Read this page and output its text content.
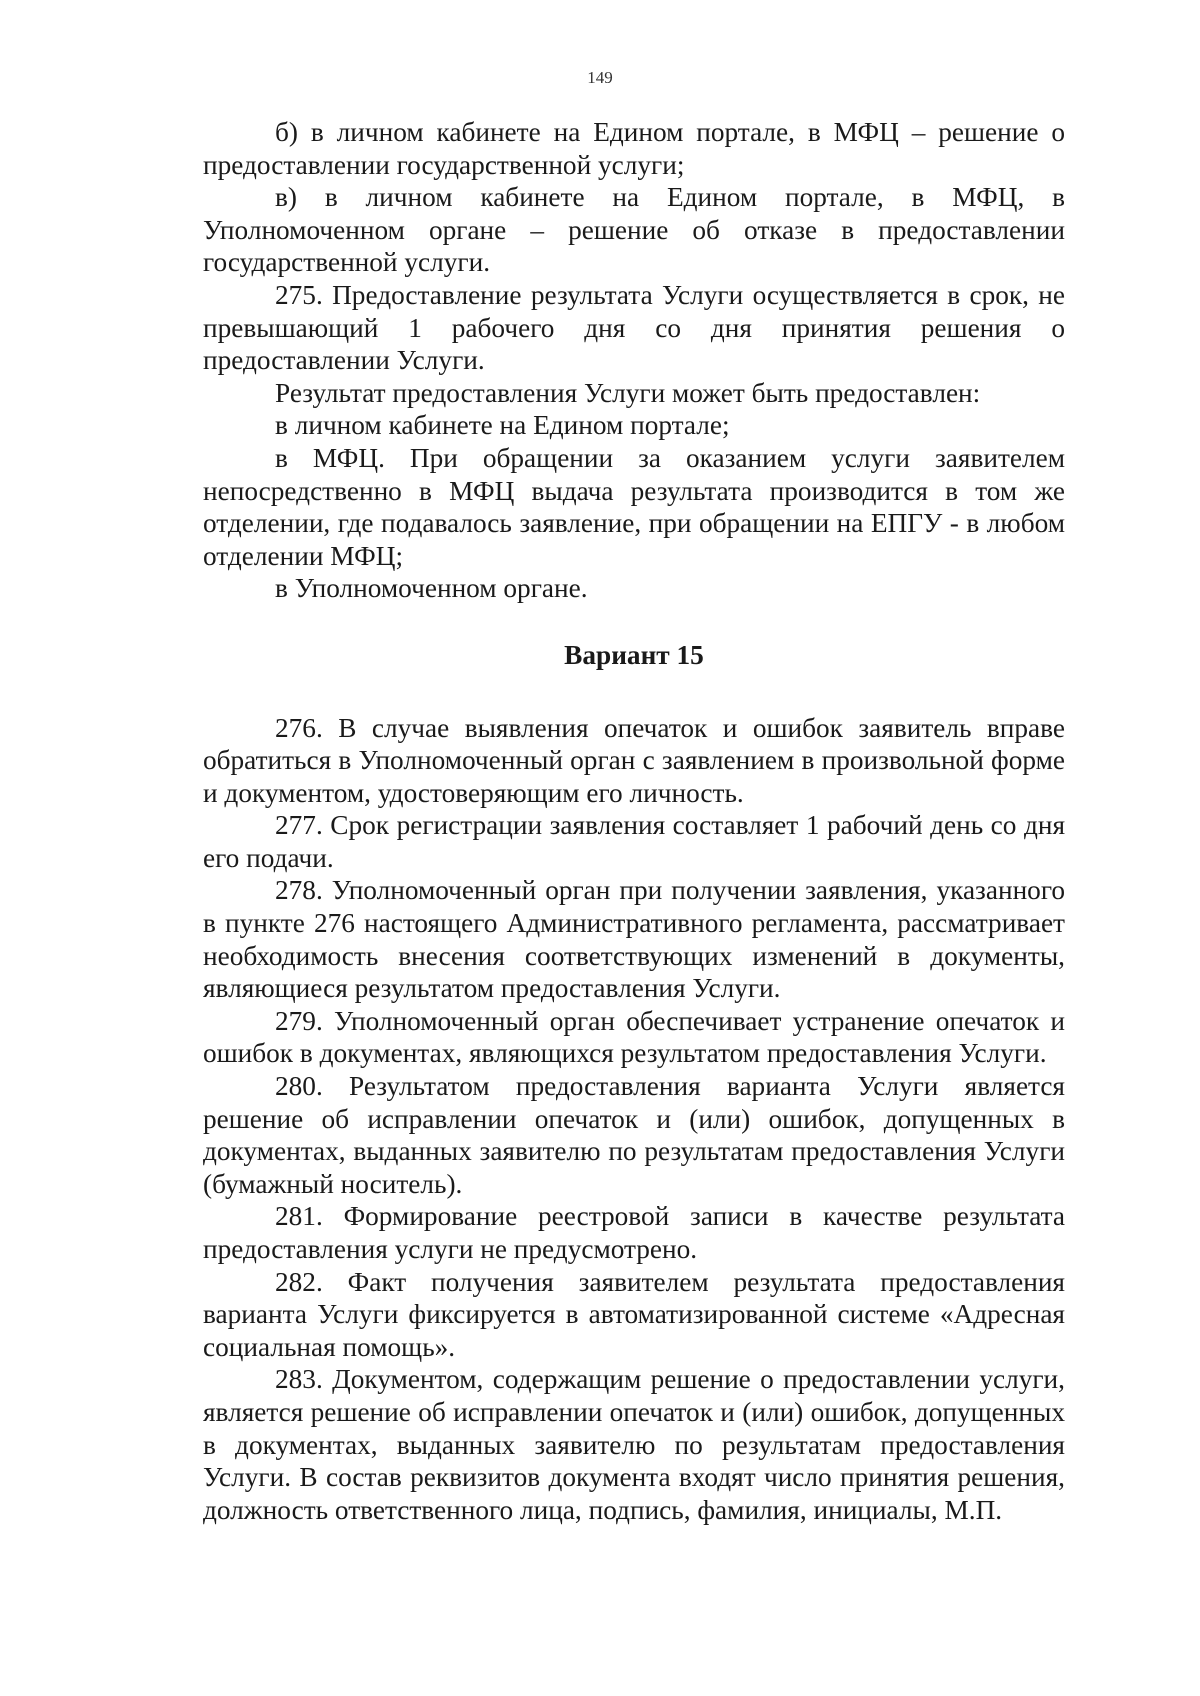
149

б) в личном кабинете на Едином портале, в МФЦ – решение о предоставлении государственной услуги;

в) в личном кабинете на Едином портале, в МФЦ, в Уполномоченном органе – решение об отказе в предоставлении государственной услуги.

275. Предоставление результата Услуги осуществляется в срок, не превышающий 1 рабочего дня со дня принятия решения о предоставлении Услуги.

Результат предоставления Услуги может быть предоставлен:

в личном кабинете на Едином портале;

в МФЦ. При обращении за оказанием услуги заявителем непосредственно в МФЦ выдача результата производится в том же отделении, где подавалось заявление, при обращении на ЕПГУ - в любом отделении МФЦ;

в Уполномоченном органе.

Вариант 15

276. В случае выявления опечаток и ошибок заявитель вправе обратиться в Уполномоченный орган с заявлением в произвольной форме и документом, удостоверяющим его личность.

277. Срок регистрации заявления составляет 1 рабочий день со дня его подачи.

278. Уполномоченный орган при получении заявления, указанного в пункте 276 настоящего Административного регламента, рассматривает необходимость внесения соответствующих изменений в документы, являющиеся результатом предоставления Услуги.

279. Уполномоченный орган обеспечивает устранение опечаток и ошибок в документах, являющихся результатом предоставления Услуги.

280. Результатом предоставления варианта Услуги является решение об исправлении опечаток и (или) ошибок, допущенных в документах, выданных заявителю по результатам предоставления Услуги (бумажный носитель).

281. Формирование реестровой записи в качестве результата предоставления услуги не предусмотрено.

282. Факт получения заявителем результата предоставления варианта Услуги фиксируется в автоматизированной системе «Адресная социальная помощь».

283. Документом, содержащим решение о предоставлении услуги, является решение об исправлении опечаток и (или) ошибок, допущенных в документах, выданных заявителю по результатам предоставления Услуги. В состав реквизитов документа входят число принятия решения, должность ответственного лица, подпись, фамилия, инициалы, М.П.
